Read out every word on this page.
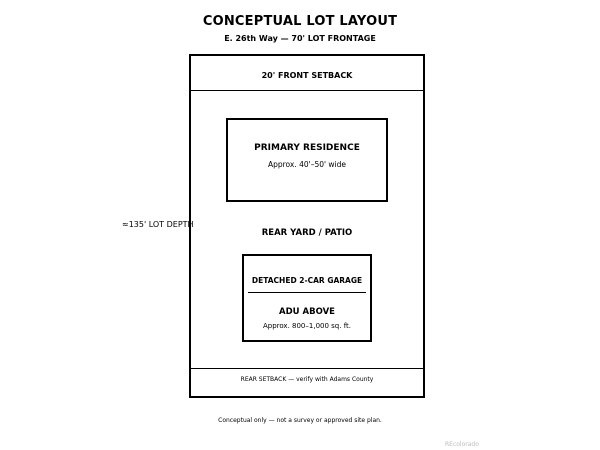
CONCEPTUAL LOT LAYOUT
E. 26th Way — 70' LOT FRONTAGE
≈135' LOT DEPTH
20' FRONT SETBACK
PRIMARY RESIDENCE
Approx. 40'–50' wide
REAR YARD / PATIO
DETACHED 2-CAR GARAGE
ADU ABOVE
Approx. 800–1,000 sq. ft.
REAR SETBACK — verify with Adams County
Conceptual only — not a survey or approved site plan.
REcolorado
